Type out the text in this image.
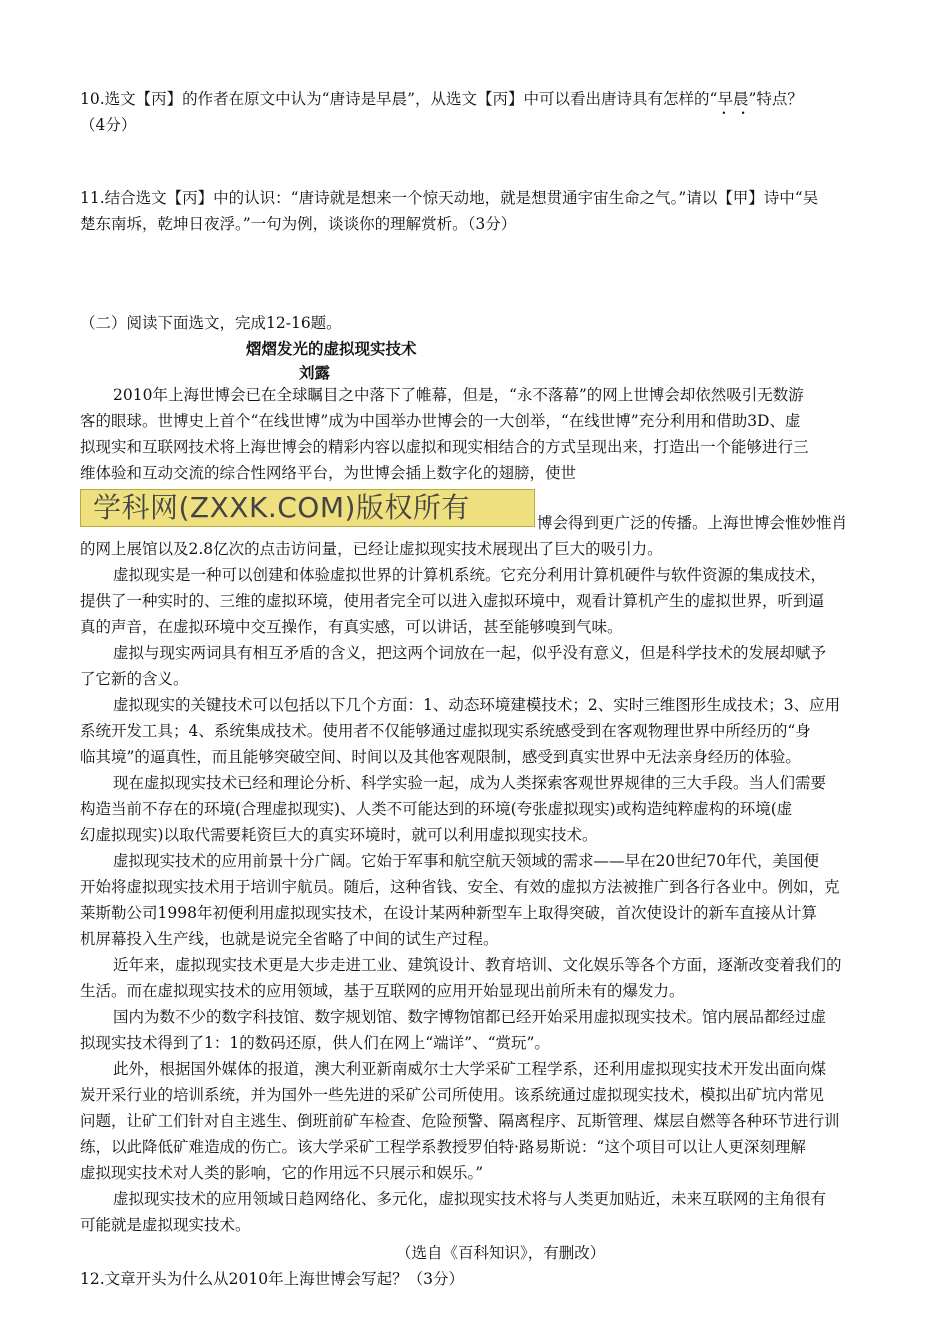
10.选文【丙】的作者在原文中认为“唐诗是早晨”，从选文【丙】中可以看出唐诗具有怎样的“早晨 • •”特点？
（4分）
11.结合选文【丙】中的认识：“唐诗就是想来一个惊天动地，就是想贯通宇宙生命之气。”请以【甲】诗中“吴
楚东南坼，乾坤日夜浮。”一句为例，谈谈你的理解赏析。（3分）
（二）阅读下面选文，完成12-16题。
熠熠发光的虚拟现实技术
刘露
2010年上海世博会已在全球瞩目之中落下了帷幕，但是，“永不落幕”的网上世博会却依然吸引无数游
客的眼球。世博史上首个“在线世博”成为中国举办世博会的一大创举，“在线世博”充分利用和借助3D、虚
拟现实和互联网技术将上海世博会的精彩内容以虚拟和现实相结合的方式呈现出来，打造出一个能够进行三
维体验和互动交流的综合性网络平台，为世博会插上数字化的翅膀，使世
学科网(ZXXK.COM)版权所有	博会得到更广泛的传播。上海世博会惟妙惟肖
的网上展馆以及2.8亿次的点击访问量，已经让虚拟现实技术展现出了巨大的吸引力。
虚拟现实是一种可以创建和体验虚拟世界的计算机系统。它充分利用计算机硬件与软件资源的集成技术，
提供了一种实时的、三维的虚拟环境，使用者完全可以进入虚拟环境中，观看计算机产生的虚拟世界，听到逼
真的声音，在虚拟环境中交互操作，有真实感，可以讲话，甚至能够嗅到气味。
虚拟与现实两词具有相互矛盾的含义，把这两个词放在一起，似乎没有意义，但是科学技术的发展却赋予
了它新的含义。
虚拟现实的关键技术可以包括以下几个方面：1、动态环境建模技术；2、实时三维图形生成技术；3、应用
系统开发工具；4、系统集成技术。使用者不仅能够通过虚拟现实系统感受到在客观物理世界中所经历的“身
临其境”的逼真性，而且能够突破空间、时间以及其他客观限制，感受到真实世界中无法亲身经历的体验。
现在虚拟现实技术已经和理论分析、科学实验一起，成为人类探索客观世界规律的三大手段。当人们需要
构造当前不存在的环境(合理虚拟现实)、人类不可能达到的环境(夸张虚拟现实)或构造纯粹虚构的环境(虚
幻虚拟现实)以取代需要耗资巨大的真实环境时，就可以利用虚拟现实技术。
虚拟现实技术的应用前景十分广阔。它始于军事和航空航天领域的需求——早在20世纪70年代，美国便
开始将虚拟现实技术用于培训宇航员。随后，这种省钱、安全、有效的虚拟方法被推广到各行各业中。例如，克
莱斯勒公司1998年初便利用虚拟现实技术，在设计某两种新型车上取得突破，首次使设计的新车直接从计算
机屏幕投入生产线，也就是说完全省略了中间的试生产过程。
近年来，虚拟现实技术更是大步走进工业、建筑设计、教育培训、文化娱乐等各个方面，逐渐改变着我们的
生活。而在虚拟现实技术的应用领域，基于互联网的应用开始显现出前所未有的爆发力。
国内为数不少的数字科技馆、数字规划馆、数字博物馆都已经开始采用虚拟现实技术。馆内展品都经过虚
拟现实技术得到了1：1的数码还原，供人们在网上“端详”、“赏玩”。
此外，根据国外媒体的报道，澳大利亚新南威尔士大学采矿工程学系，还利用虚拟现实技术开发出面向煤
炭开采行业的培训系统，并为国外一些先进的采矿公司所使用。该系统通过虚拟现实技术，模拟出矿坑内常见
问题，让矿工们针对自主逃生、倒班前矿车检查、危险预警、隔离程序、瓦斯管理、煤层自燃等各种环节进行训
练，以此降低矿难造成的伤亡。该大学采矿工程学系教授罗伯特·路易斯说：“这个项目可以让人更深刻理解
虚拟现实技术对人类的影响，它的作用远不只展示和娱乐。”
虚拟现实技术的应用领域日趋网络化、多元化，虚拟现实技术将与人类更加贴近，未来互联网的主角很有
可能就是虚拟现实技术。
（选自《百科知识》，有删改）
12.文章开头为什么从2010年上海世博会写起？（3分）
